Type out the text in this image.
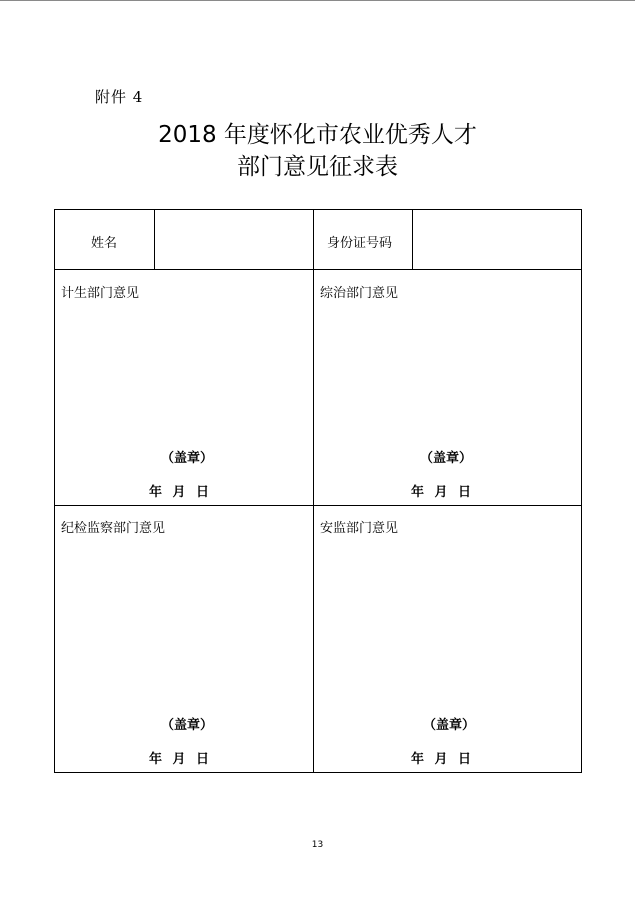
附件 4
2018 年度怀化市农业优秀人才
部门意见征求表
姓名	身份证号码
计生部门意见
（盖章）
年 月 日
综治部门意见
（盖章）
年 月 日
纪检监察部门意见
（盖章）
年 月 日
安监部门意见
（盖章）
年 月 日
13
